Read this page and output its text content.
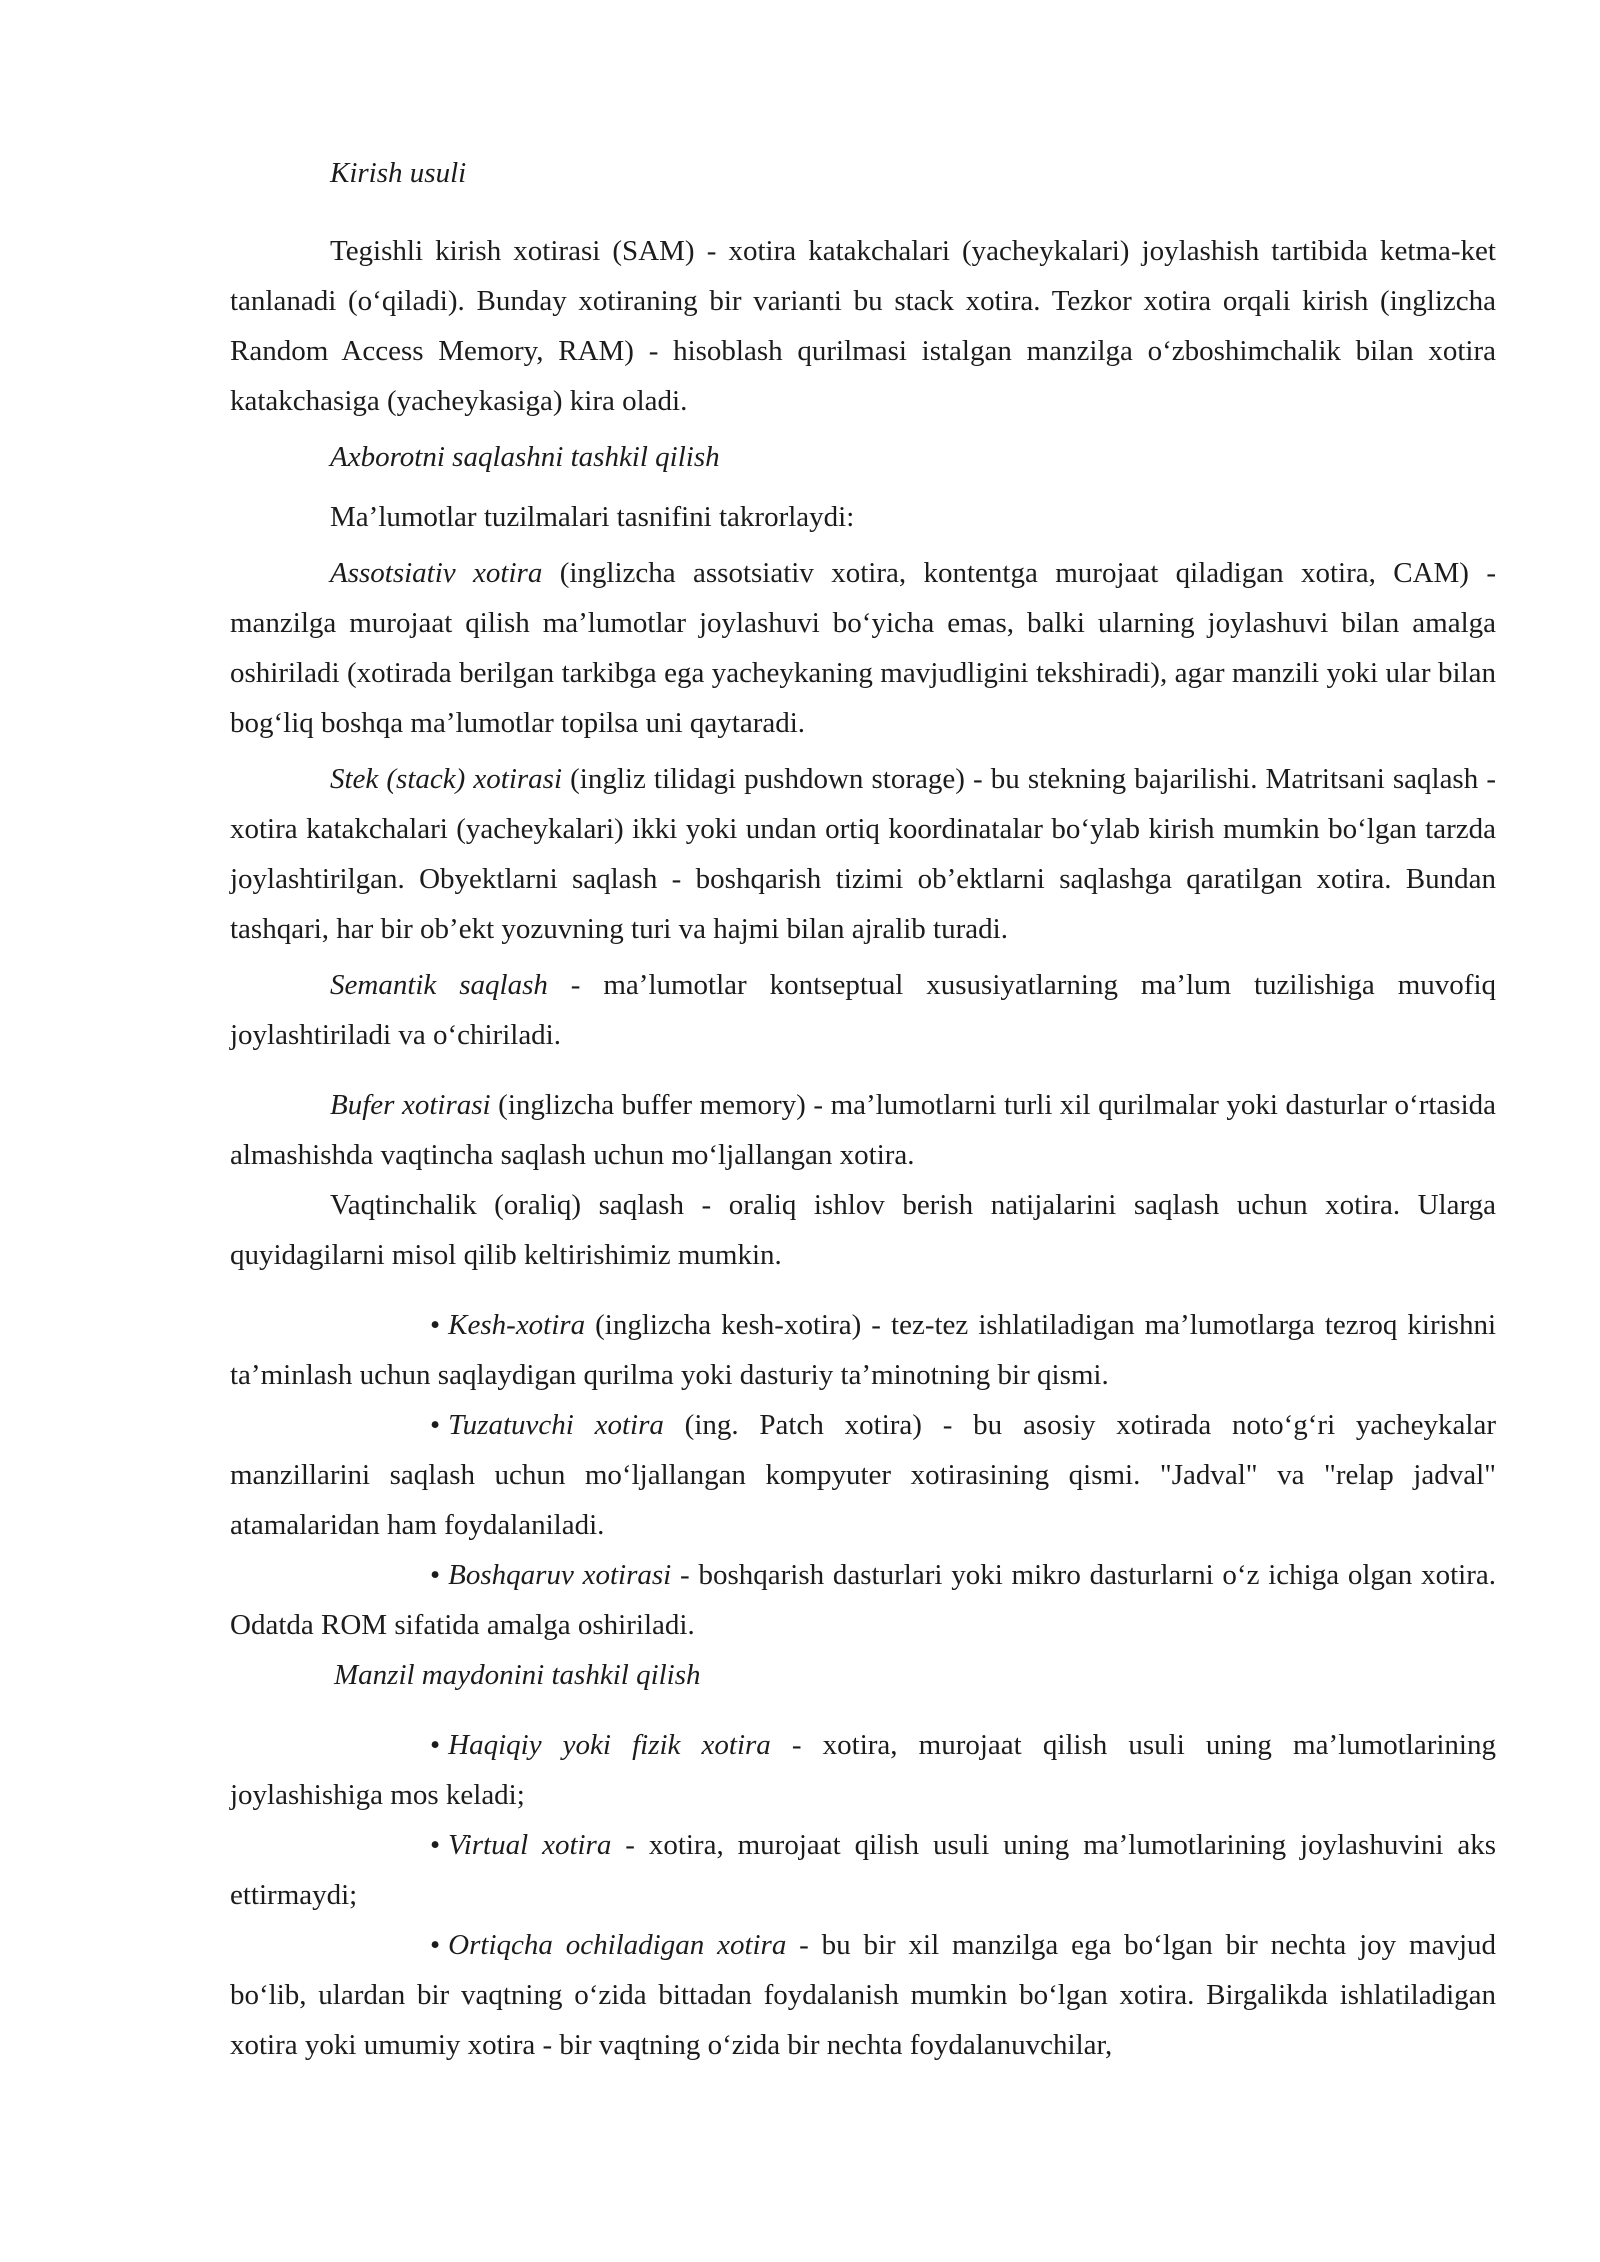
Kirish usuli

Tegishli kirish xotirasi (SAM) - xotira katakchalari (yacheykalari) joylashish tartibida ketma-ket tanlanadi (o‘qiladi). Bunday xotiraning bir varianti bu stack xotira. Tezkor xotira orqali kirish (inglizcha Random Access Memory, RAM) - hisoblash qurilmasi istalgan manzilga o‘zboshimchalik bilan xotira katakchasiga (yacheykasiga) kira oladi.

Axborotni saqlashni tashkil qilish

Ma’lumotlar tuzilmalari tasnifini takrorlaydi:

Assotsiativ xotira (inglizcha assotsiativ xotira, kontentga murojaat qiladigan xotira, CAM) - manzilga murojaat qilish ma’lumotlar joylashuvi bo‘yicha emas, balki ularning joylashuvi bilan amalga oshiriladi (xotirada berilgan tarkibga ega yacheykaning mavjudligini tekshiradi), agar manzili yoki ular bilan bog‘liq boshqa ma’lumotlar topilsa uni qaytaradi.

Stek (stack) xotirasi (ingliz tilidagi pushdown storage) - bu stekning bajarilishi. Matritsani saqlash - xotira katakchalari (yacheykalari) ikki yoki undan ortiq koordinatalar bo‘ylab kirish mumkin bo‘lgan tarzda joylashtirilgan. Obyektlarni saqlash - boshqarish tizimi ob’ektlarni saqlashga qaratilgan xotira. Bundan tashqari, har bir ob’ekt yozuvning turi va hajmi bilan ajralib turadi.

Semantik saqlash - ma’lumotlar kontseptual xususiyatlarning ma’lum tuzilishiga muvofiq joylashtiriladi va o‘chiriladi.

Bufer xotirasi (inglizcha buffer memory) - ma’lumotlarni turli xil qurilmalar yoki dasturlar o‘rtasida almashishda vaqtincha saqlash uchun mo‘ljallangan xotira.

Vaqtinchalik (oraliq) saqlash - oraliq ishlov berish natijalarini saqlash uchun xotira. Ularga quyidagilarni misol qilib keltirishimiz mumkin.

• Kesh-xotira (inglizcha kesh-xotira) - tez-tez ishlatiladigan ma’lumotlarga tezroq kirishni ta’minlash uchun saqlaydigan qurilma yoki dasturiy ta’minotning bir qismi.

• Tuzatuvchi xotira (ing. Patch xotira) - bu asosiy xotirada noto‘g‘ri yacheykalar manzillarini saqlash uchun mo‘ljallangan kompyuter xotirasining qismi. "Jadval" va "relap jadval" atamalaridan ham foydalaniladi.

• Boshqaruv xotirasi - boshqarish dasturlari yoki mikro dasturlarni o‘z ichiga olgan xotira. Odatda ROM sifatida amalga oshiriladi.

Manzil maydonini tashkil qilish

• Haqiqiy yoki fizik xotira - xotira, murojaat qilish usuli uning ma’lumotlarining joylashishiga mos keladi;

• Virtual xotira - xotira, murojaat qilish usuli uning ma’lumotlarining joylashuvini aks ettirmaydi;

• Ortiqcha ochiladigan xotira - bu bir xil manzilga ega bo‘lgan bir nechta joy mavjud bo‘lib, ulardan bir vaqtning o‘zida bittadan foydalanish mumkin bo‘lgan xotira. Birgalikda ishlatiladigan xotira yoki umumiy xotira - bir vaqtning o‘zida bir nechta foydalanuvchilar,
